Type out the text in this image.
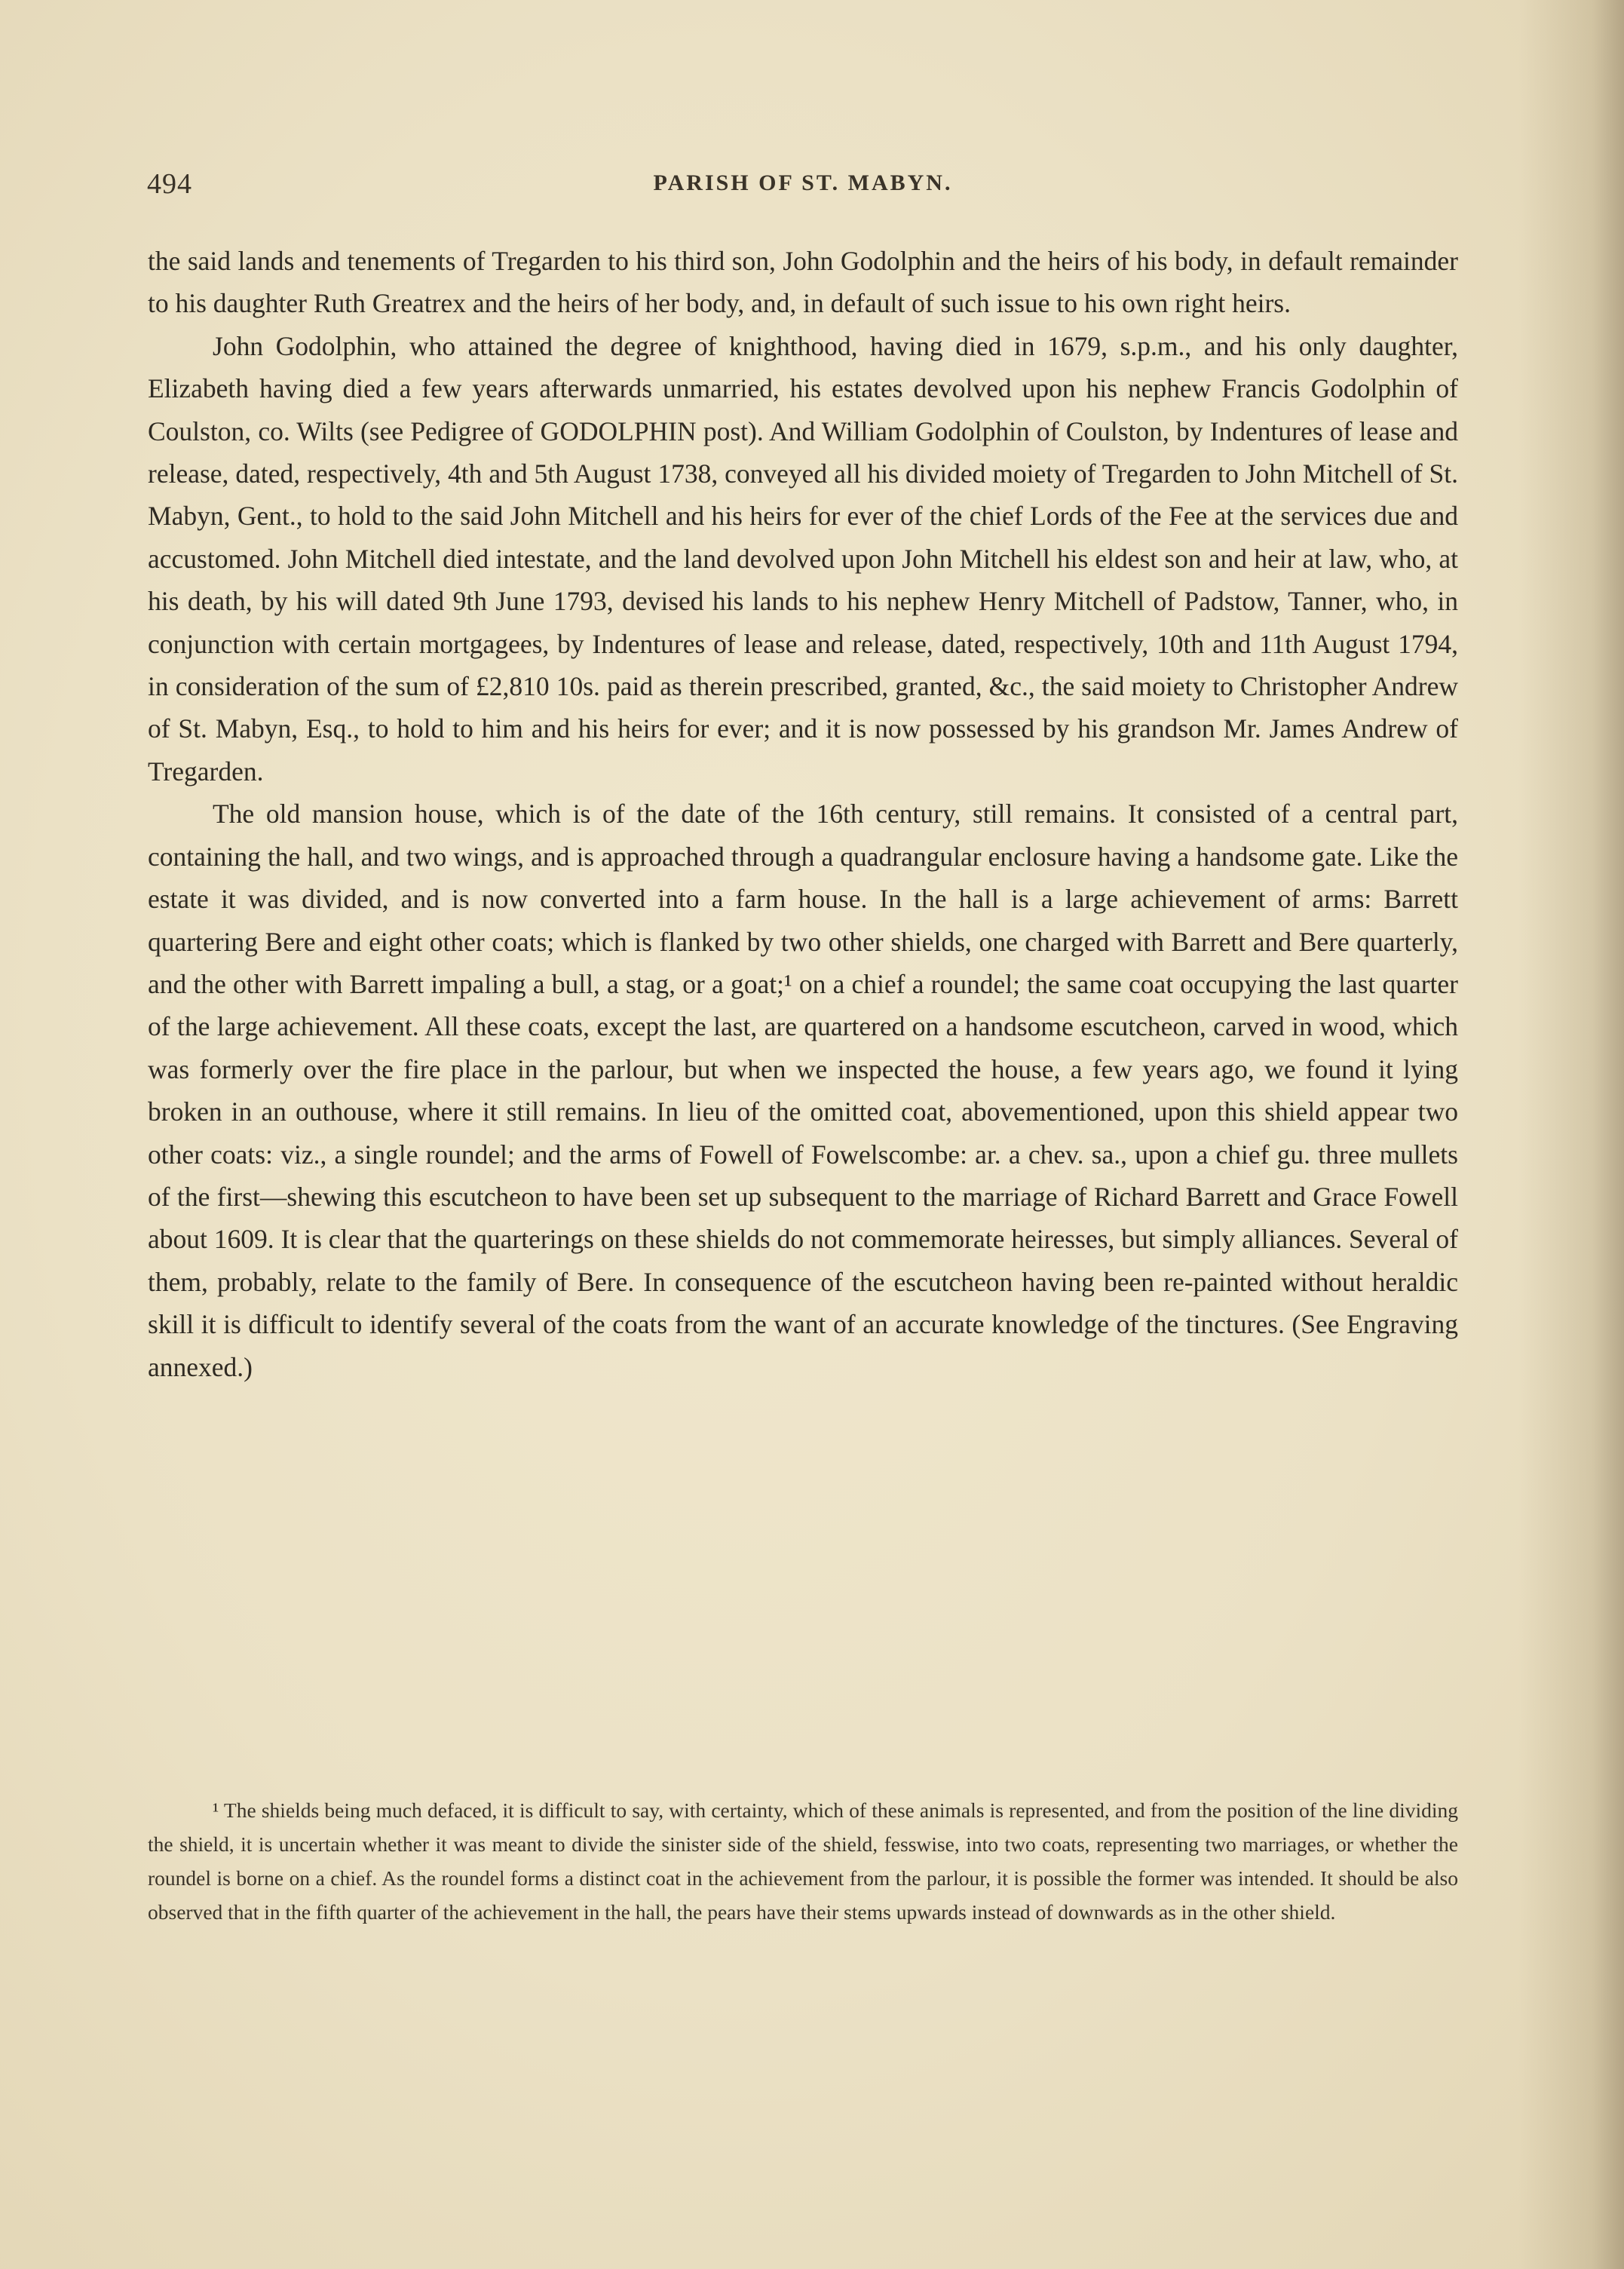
494	PARISH OF ST. MABYN.

the said lands and tenements of Tregarden to his third son, John Godolphin and the heirs of his body, in default remainder to his daughter Ruth Greatrex and the heirs of her body, and, in default of such issue to his own right heirs.

John Godolphin, who attained the degree of knighthood, having died in 1679, s.p.m., and his only daughter, Elizabeth having died a few years afterwards unmarried, his estates devolved upon his nephew Francis Godolphin of Coulston, co. Wilts (see Pedigree of GODOLPHIN post). And William Godolphin of Coulston, by Indentures of lease and release, dated, respectively, 4th and 5th August 1738, conveyed all his divided moiety of Tregarden to John Mitchell of St. Mabyn, Gent., to hold to the said John Mitchell and his heirs for ever of the chief Lords of the Fee at the services due and accustomed. John Mitchell died intestate, and the land devolved upon John Mitchell his eldest son and heir at law, who, at his death, by his will dated 9th June 1793, devised his lands to his nephew Henry Mitchell of Padstow, Tanner, who, in conjunction with certain mortgagees, by Indentures of lease and release, dated, respectively, 10th and 11th August 1794, in consideration of the sum of £2,810 10s. paid as therein prescribed, granted, &c., the said moiety to Christopher Andrew of St. Mabyn, Esq., to hold to him and his heirs for ever; and it is now possessed by his grandson Mr. James Andrew of Tregarden.

The old mansion house, which is of the date of the 16th century, still remains. It consisted of a central part, containing the hall, and two wings, and is approached through a quadrangular enclosure having a handsome gate. Like the estate it was divided, and is now converted into a farm house. In the hall is a large achievement of arms: Barrett quartering Bere and eight other coats; which is flanked by two other shields, one charged with Barrett and Bere quarterly, and the other with Barrett impaling a bull, a stag, or a goat;¹ on a chief a roundel; the same coat occupying the last quarter of the large achievement. All these coats, except the last, are quartered on a handsome escutcheon, carved in wood, which was formerly over the fire place in the parlour, but when we inspected the house, a few years ago, we found it lying broken in an outhouse, where it still remains. In lieu of the omitted coat, abovementioned, upon this shield appear two other coats: viz., a single roundel; and the arms of Fowell of Fowelscombe: ar. a chev. sa., upon a chief gu. three mullets of the first—shewing this escutcheon to have been set up subsequent to the marriage of Richard Barrett and Grace Fowell about 1609. It is clear that the quarterings on these shields do not commemorate heiresses, but simply alliances. Several of them, probably, relate to the family of Bere. In consequence of the escutcheon having been re-painted without heraldic skill it is difficult to identify several of the coats from the want of an accurate knowledge of the tinctures. (See Engraving annexed.)

¹ The shields being much defaced, it is difficult to say, with certainty, which of these animals is represented, and from the position of the line dividing the shield, it is uncertain whether it was meant to divide the sinister side of the shield, fesswise, into two coats, representing two marriages, or whether the roundel is borne on a chief. As the roundel forms a distinct coat in the achievement from the parlour, it is possible the former was intended. It should be also observed that in the fifth quarter of the achievement in the hall, the pears have their stems upwards instead of downwards as in the other shield.
